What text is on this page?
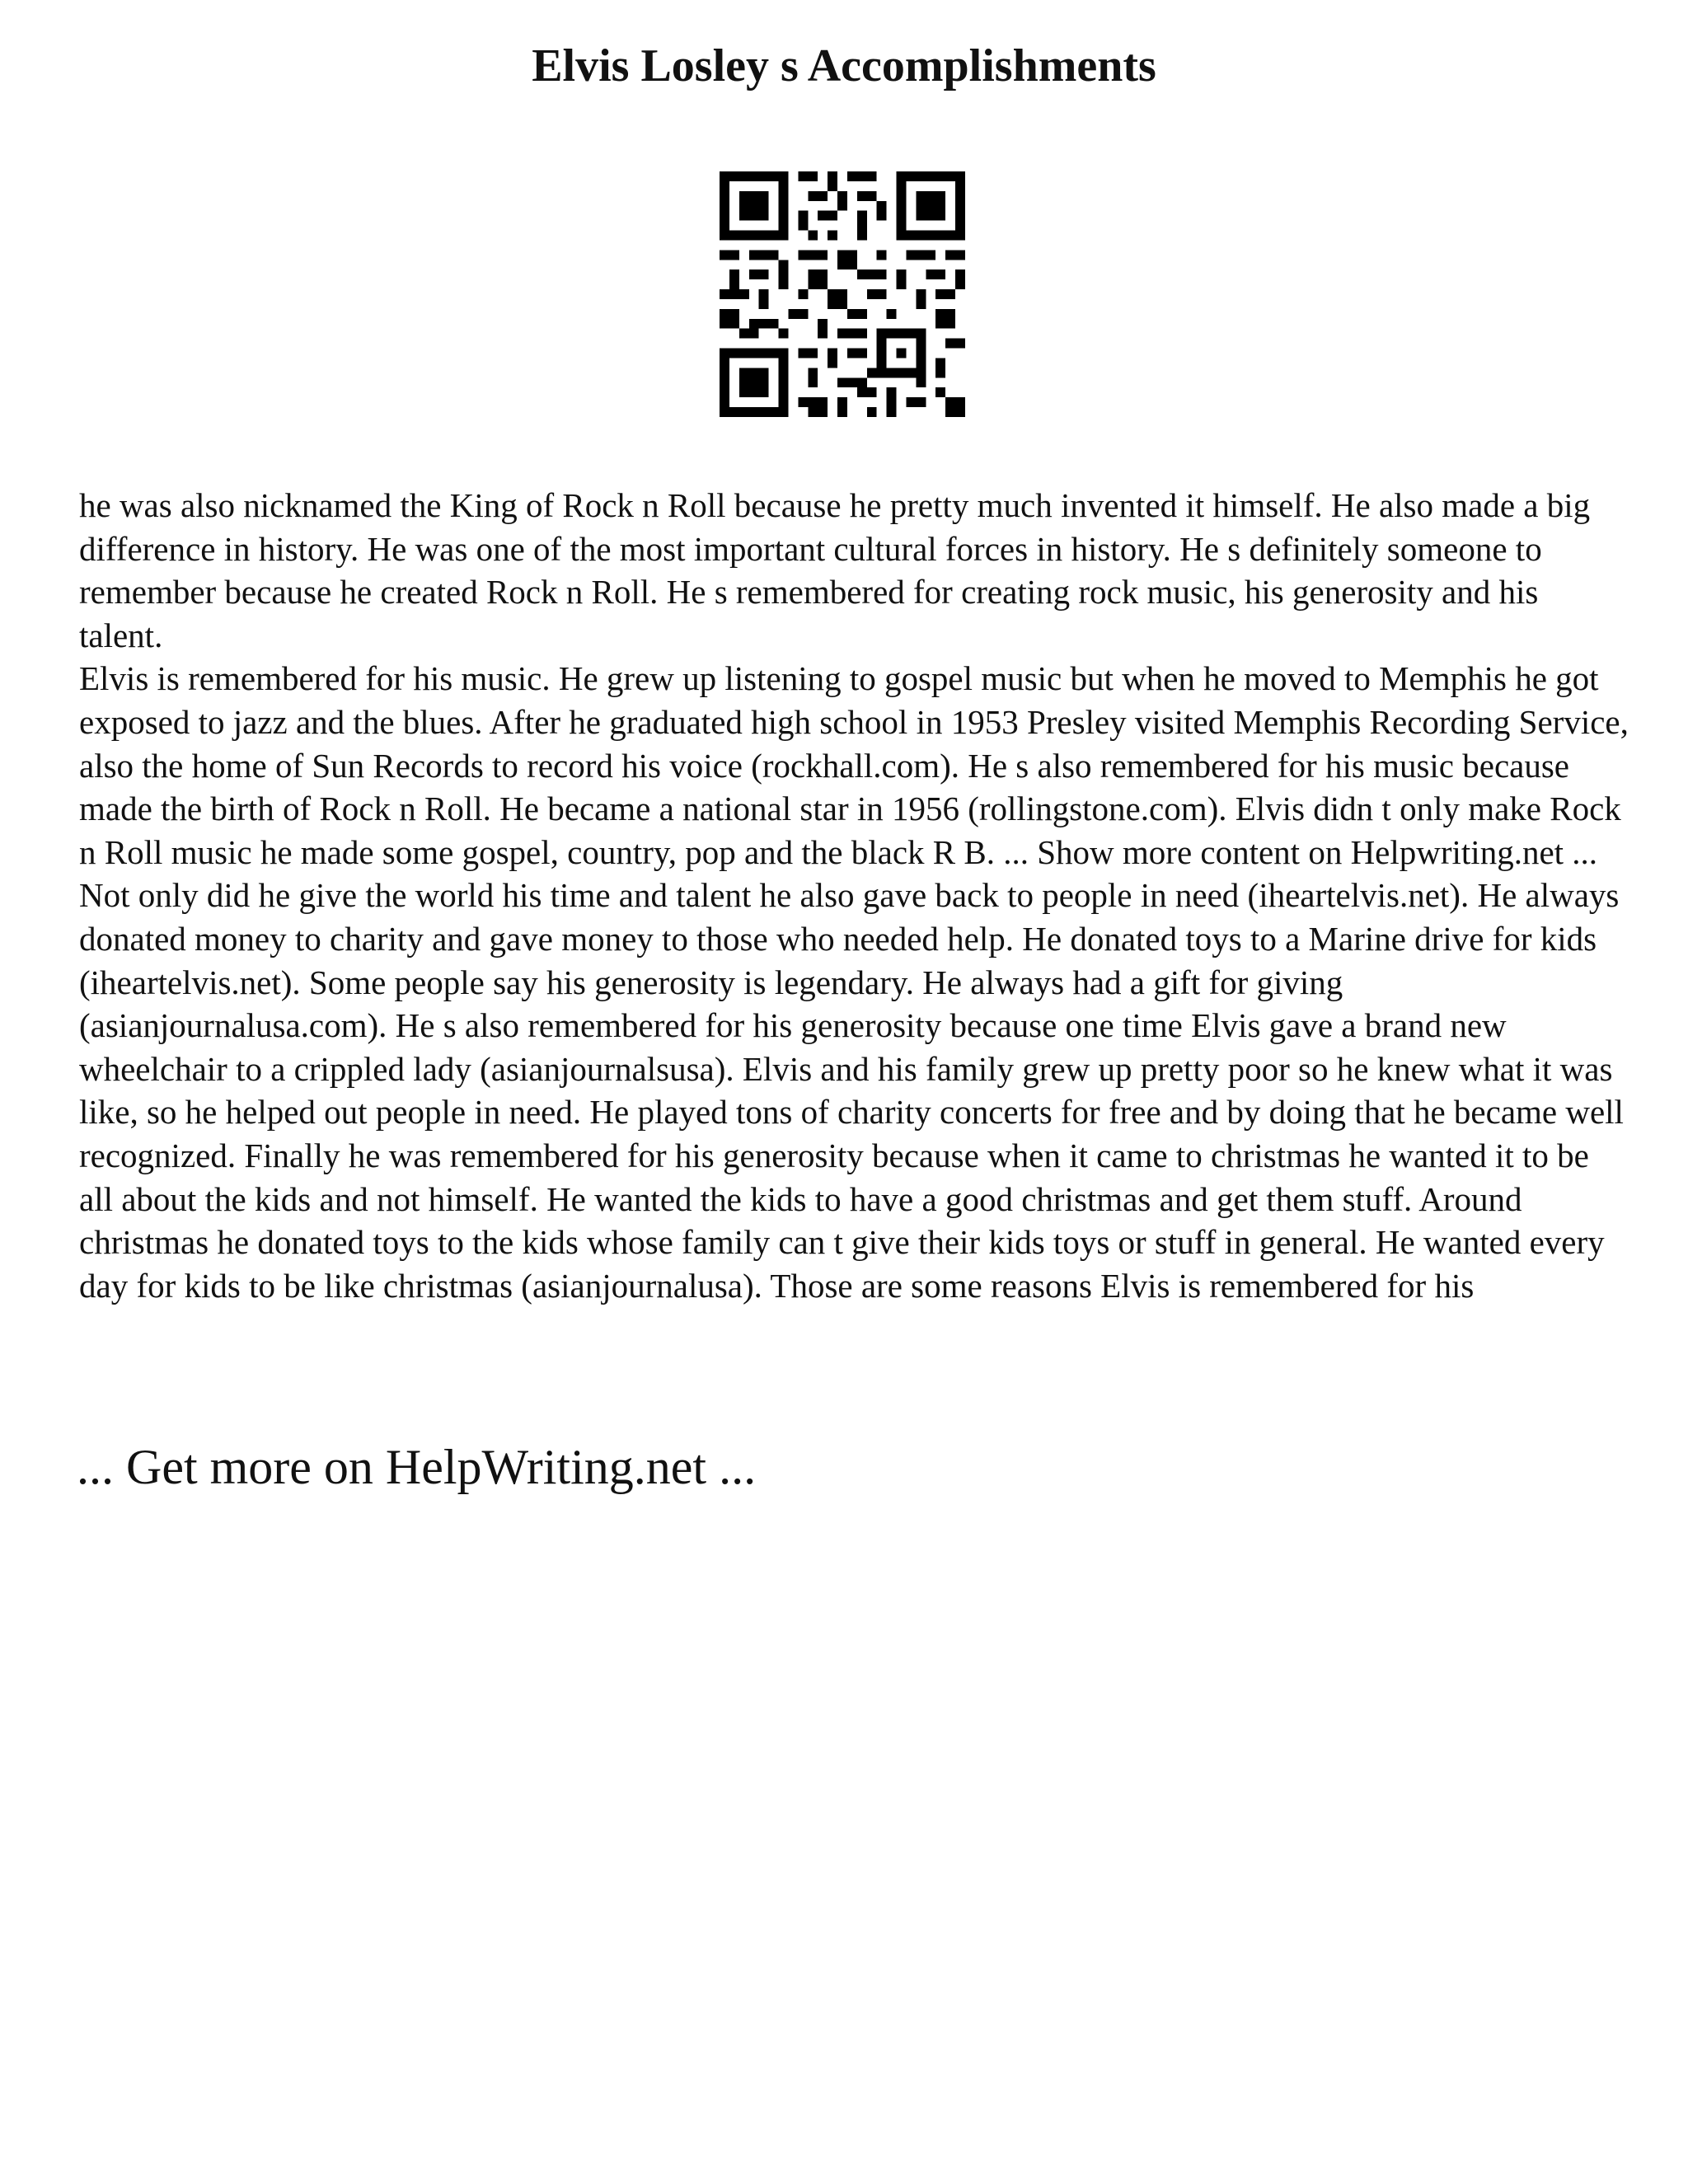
Elvis Losley s Accomplishments

he was also nicknamed the King of Rock n Roll because he pretty much invented it himself. He also made a big difference in history. He was one of the most important cultural forces in history. He s definitely someone to remember because he created Rock n Roll. He s remembered for creating rock music, his generosity and his talent.

Elvis is remembered for his music. He grew up listening to gospel music but when he moved to Memphis he got exposed to jazz and the blues. After he graduated high school in 1953 Presley visited Memphis Recording Service, also the home of Sun Records to record his voice (rockhall.com). He s also remembered for his music because made the birth of Rock n Roll. He became a national star in 1956 (rollingstone.com). Elvis didn t only make Rock n Roll music he made some gospel, country, pop and the black R B. ... Show more content on Helpwriting.net ...

Not only did he give the world his time and talent he also gave back to people in need (iheartelvis.net). He always donated money to charity and gave money to those who needed help. He donated toys to a Marine drive for kids (iheartelvis.net). Some people say his generosity is legendary. He always had a gift for giving (asianjournalusa.com). He s also remembered for his generosity because one time Elvis gave a brand new wheelchair to a crippled lady (asianjournalsusa). Elvis and his family grew up pretty poor so he knew what it was like, so he helped out people in need. He played tons of charity concerts for free and by doing that he became well recognized. Finally he was remembered for his generosity because when it came to christmas he wanted it to be all about the kids and not himself. He wanted the kids to have a good christmas and get them stuff. Around christmas he donated toys to the kids whose family can t give their kids toys or stuff in general. He wanted every day for kids to be like christmas (asianjournalusa). Those are some reasons Elvis is remembered for his

... Get more on HelpWriting.net ...
